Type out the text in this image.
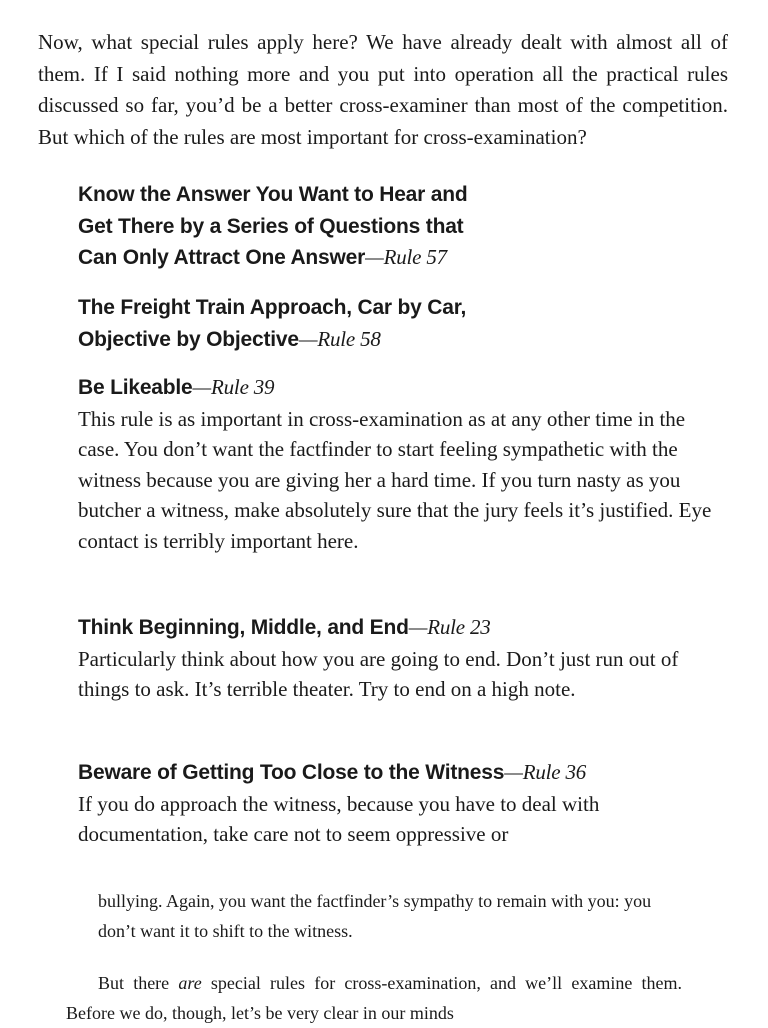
Now, what special rules apply here? We have already dealt with almost all of them. If I said nothing more and you put into operation all the practical rules discussed so far, you’d be a better cross-examiner than most of the competition. But which of the rules are most important for cross-examination?

Know the Answer You Want to Hear and
Get There by a Series of Questions that
Can Only Attract One Answer—Rule 57
The Freight Train Approach, Car by Car,
Objective by Objective—Rule 58
Be Likeable—Rule 39
This rule is as important in cross-examination as at any other time in the case. You don’t want the factfinder to start feeling sympathetic with the witness because you are giving her a hard time. If you turn nasty as you butcher a witness, make absolutely sure that the jury feels it’s justified. Eye contact is terribly important here.
Think Beginning, Middle, and End—Rule 23
Particularly think about how you are going to end. Don’t just run out of things to ask. It’s terrible theater. Try to end on a high note.
Beware of Getting Too Close to the Witness—Rule 36
If you do approach the witness, because you have to deal with documentation, take care not to seem oppressive or
bullying. Again, you want the factfinder’s sympathy to remain with you: you don’t want it to shift to the witness.
But there are special rules for cross-examination, and we’ll examine them. Before we do, though, let’s be very clear in our minds
